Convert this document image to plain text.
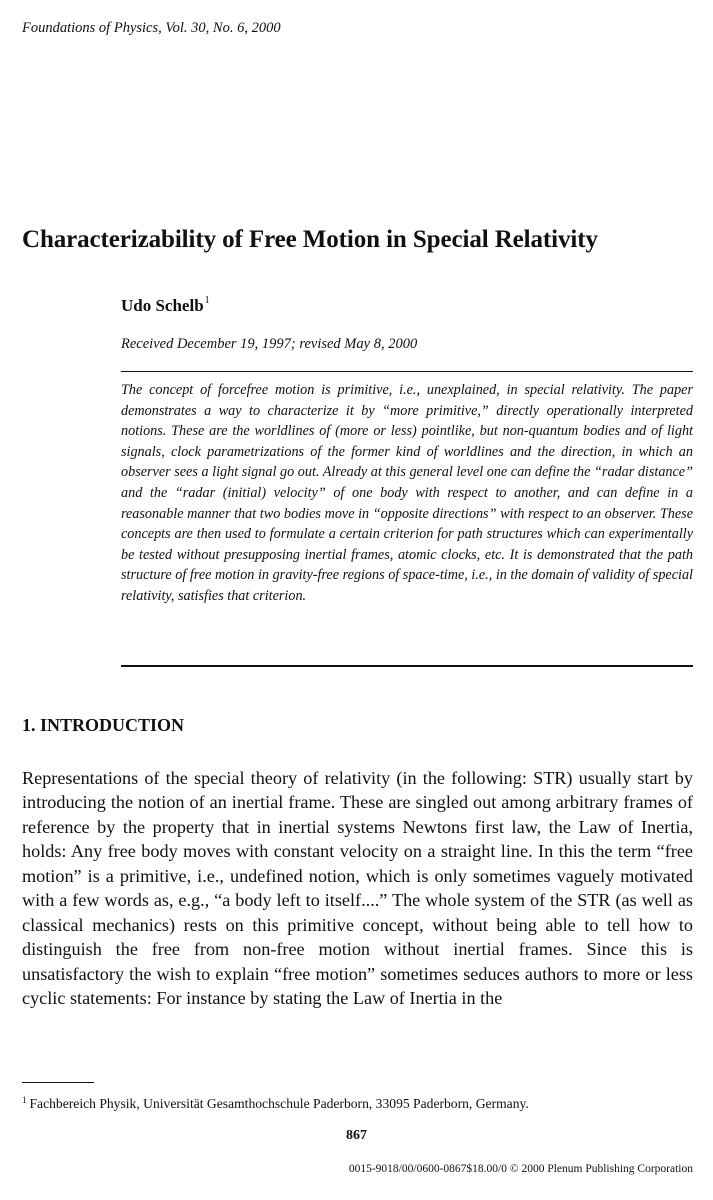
Foundations of Physics, Vol. 30, No. 6, 2000
Characterizability of Free Motion in Special Relativity
Udo Schelb$^1$
Received December 19, 1997; revised May 8, 2000
The concept of forcefree motion is primitive, i.e., unexplained, in special relativity. The paper demonstrates a way to characterize it by “more primitive,” directly operationally interpreted notions. These are the worldlines of (more or less) pointlike, but non-quantum bodies and of light signals, clock parametrizations of the former kind of worldlines and the direction, in which an observer sees a light signal go out. Already at this general level one can define the “radar distance” and the “radar (initial) velocity” of one body with respect to another, and can define in a reasonable manner that two bodies move in “opposite directions” with respect to an observer. These concepts are then used to formulate a certain criterion for path structures which can experimentally be tested without presupposing inertial frames, atomic clocks, etc. It is demonstrated that the path structure of free motion in gravity-free regions of space-time, i.e., in the domain of validity of special relativity, satisfies that criterion.
1. INTRODUCTION
Representations of the special theory of relativity (in the following: STR) usually start by introducing the notion of an inertial frame. These are singled out among arbitrary frames of reference by the property that in inertial systems Newtons first law, the Law of Inertia, holds: Any free body moves with constant velocity on a straight line. In this the term “free motion” is a primitive, i.e., undefined notion, which is only sometimes vaguely motivated with a few words as, e.g., “a body left to itself....” The whole system of the STR (as well as classical mechanics) rests on this primitive concept, without being able to tell how to distinguish the free from non-free motion without inertial frames. Since this is unsatisfactory the wish to explain “free motion” sometimes seduces authors to more or less cyclic statements: For instance by stating the Law of Inertia in the
$^1$ Fachbereich Physik, Universität Gesamthochschule Paderborn, 33095 Paderborn, Germany.
867
0015-9018/00/0600-0867$18.00/0 © 2000 Plenum Publishing Corporation
